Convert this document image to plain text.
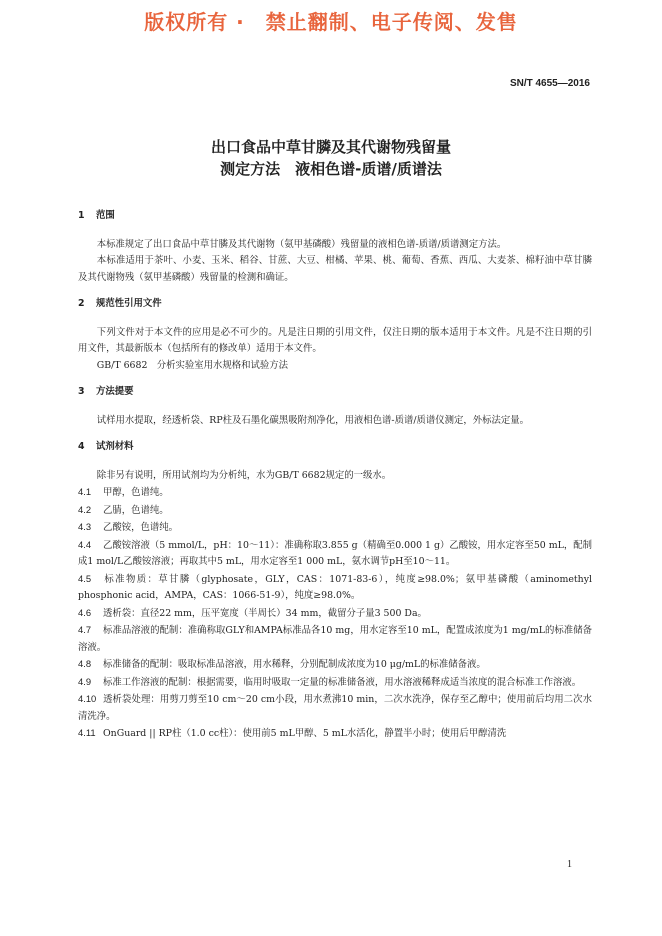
版权所有 ·　禁止翻制、电子传阅、发售
SN/T 4655—2016
出口食品中草甘膦及其代谢物残留量
测定方法　液相色谱-质谱/质谱法
1 范围
本标准规定了出口食品中草甘膦及其代谢物（氨甲基磷酸）残留量的液相色谱-质谱/质谱测定方法。
本标准适用于茶叶、小麦、玉米、稻谷、甘蔗、大豆、柑橘、苹果、桃、葡萄、香蕉、西瓜、大麦茶、棉籽油中草甘膦及其代谢物残（氨甲基磷酸）残留量的检测和确证。
2 规范性引用文件
下列文件对于本文件的应用是必不可少的。凡是注日期的引用文件，仅注日期的版本适用于本文件。凡是不注日期的引用文件，其最新版本（包括所有的修改单）适用于本文件。
GB/T 6682　分析实验室用水规格和试验方法
3 方法提要
试样用水提取，经透析袋、RP柱及石墨化碳黑吸附剂净化，用液相色谱-质谱/质谱仪测定，外标法定量。
4 试剂材料
除非另有说明，所用试剂均为分析纯，水为GB/T 6682规定的一级水。
4.1 甲醇，色谱纯。
4.2 乙腈，色谱纯。
4.3 乙酸铵，色谱纯。
4.4 乙酸铵溶液（5 mmol/L，pH：10～11）：准确称取3.855 g（精确至0.000 1 g）乙酸铵，用水定容至50 mL，配制成1 mol/L乙酸铵溶液；再取其中5 mL，用水定容至1 000 mL，氨水调节pH至10～11。
4.5 标准物质：草甘膦（glyphosate，GLY，CAS：1071-83-6），纯度≥98.0%；氨甲基磷酸（aminomethyl phosphonic acid，AMPA，CAS：1066-51-9），纯度≥98.0%。
4.6 透析袋：直径22 mm，压平宽度（半周长）34 mm，截留分子量3 500 Da。
4.7 标准品溶液的配制：准确称取GLY和AMPA标准品各10 mg，用水定容至10 mL，配置成浓度为1 mg/mL的标准储备溶液。
4.8 标准储备的配制：吸取标准品溶液，用水稀释，分别配制成浓度为10 μg/mL的标准储备液。
4.9 标准工作溶液的配制：根据需要，临用时吸取一定量的标准储备液，用水溶液稀释成适当浓度的混合标准工作溶液。
4.10 透析袋处理：用剪刀剪至10 cm～20 cm小段，用水煮沸10 min，二次水洗净，保存至乙醇中；使用前后均用二次水清洗净。
4.11 OnGuard || RP柱（1.0 cc柱）：使用前5 mL甲醇、5 mL水活化，静置半小时；使用后甲醇清洗
1
